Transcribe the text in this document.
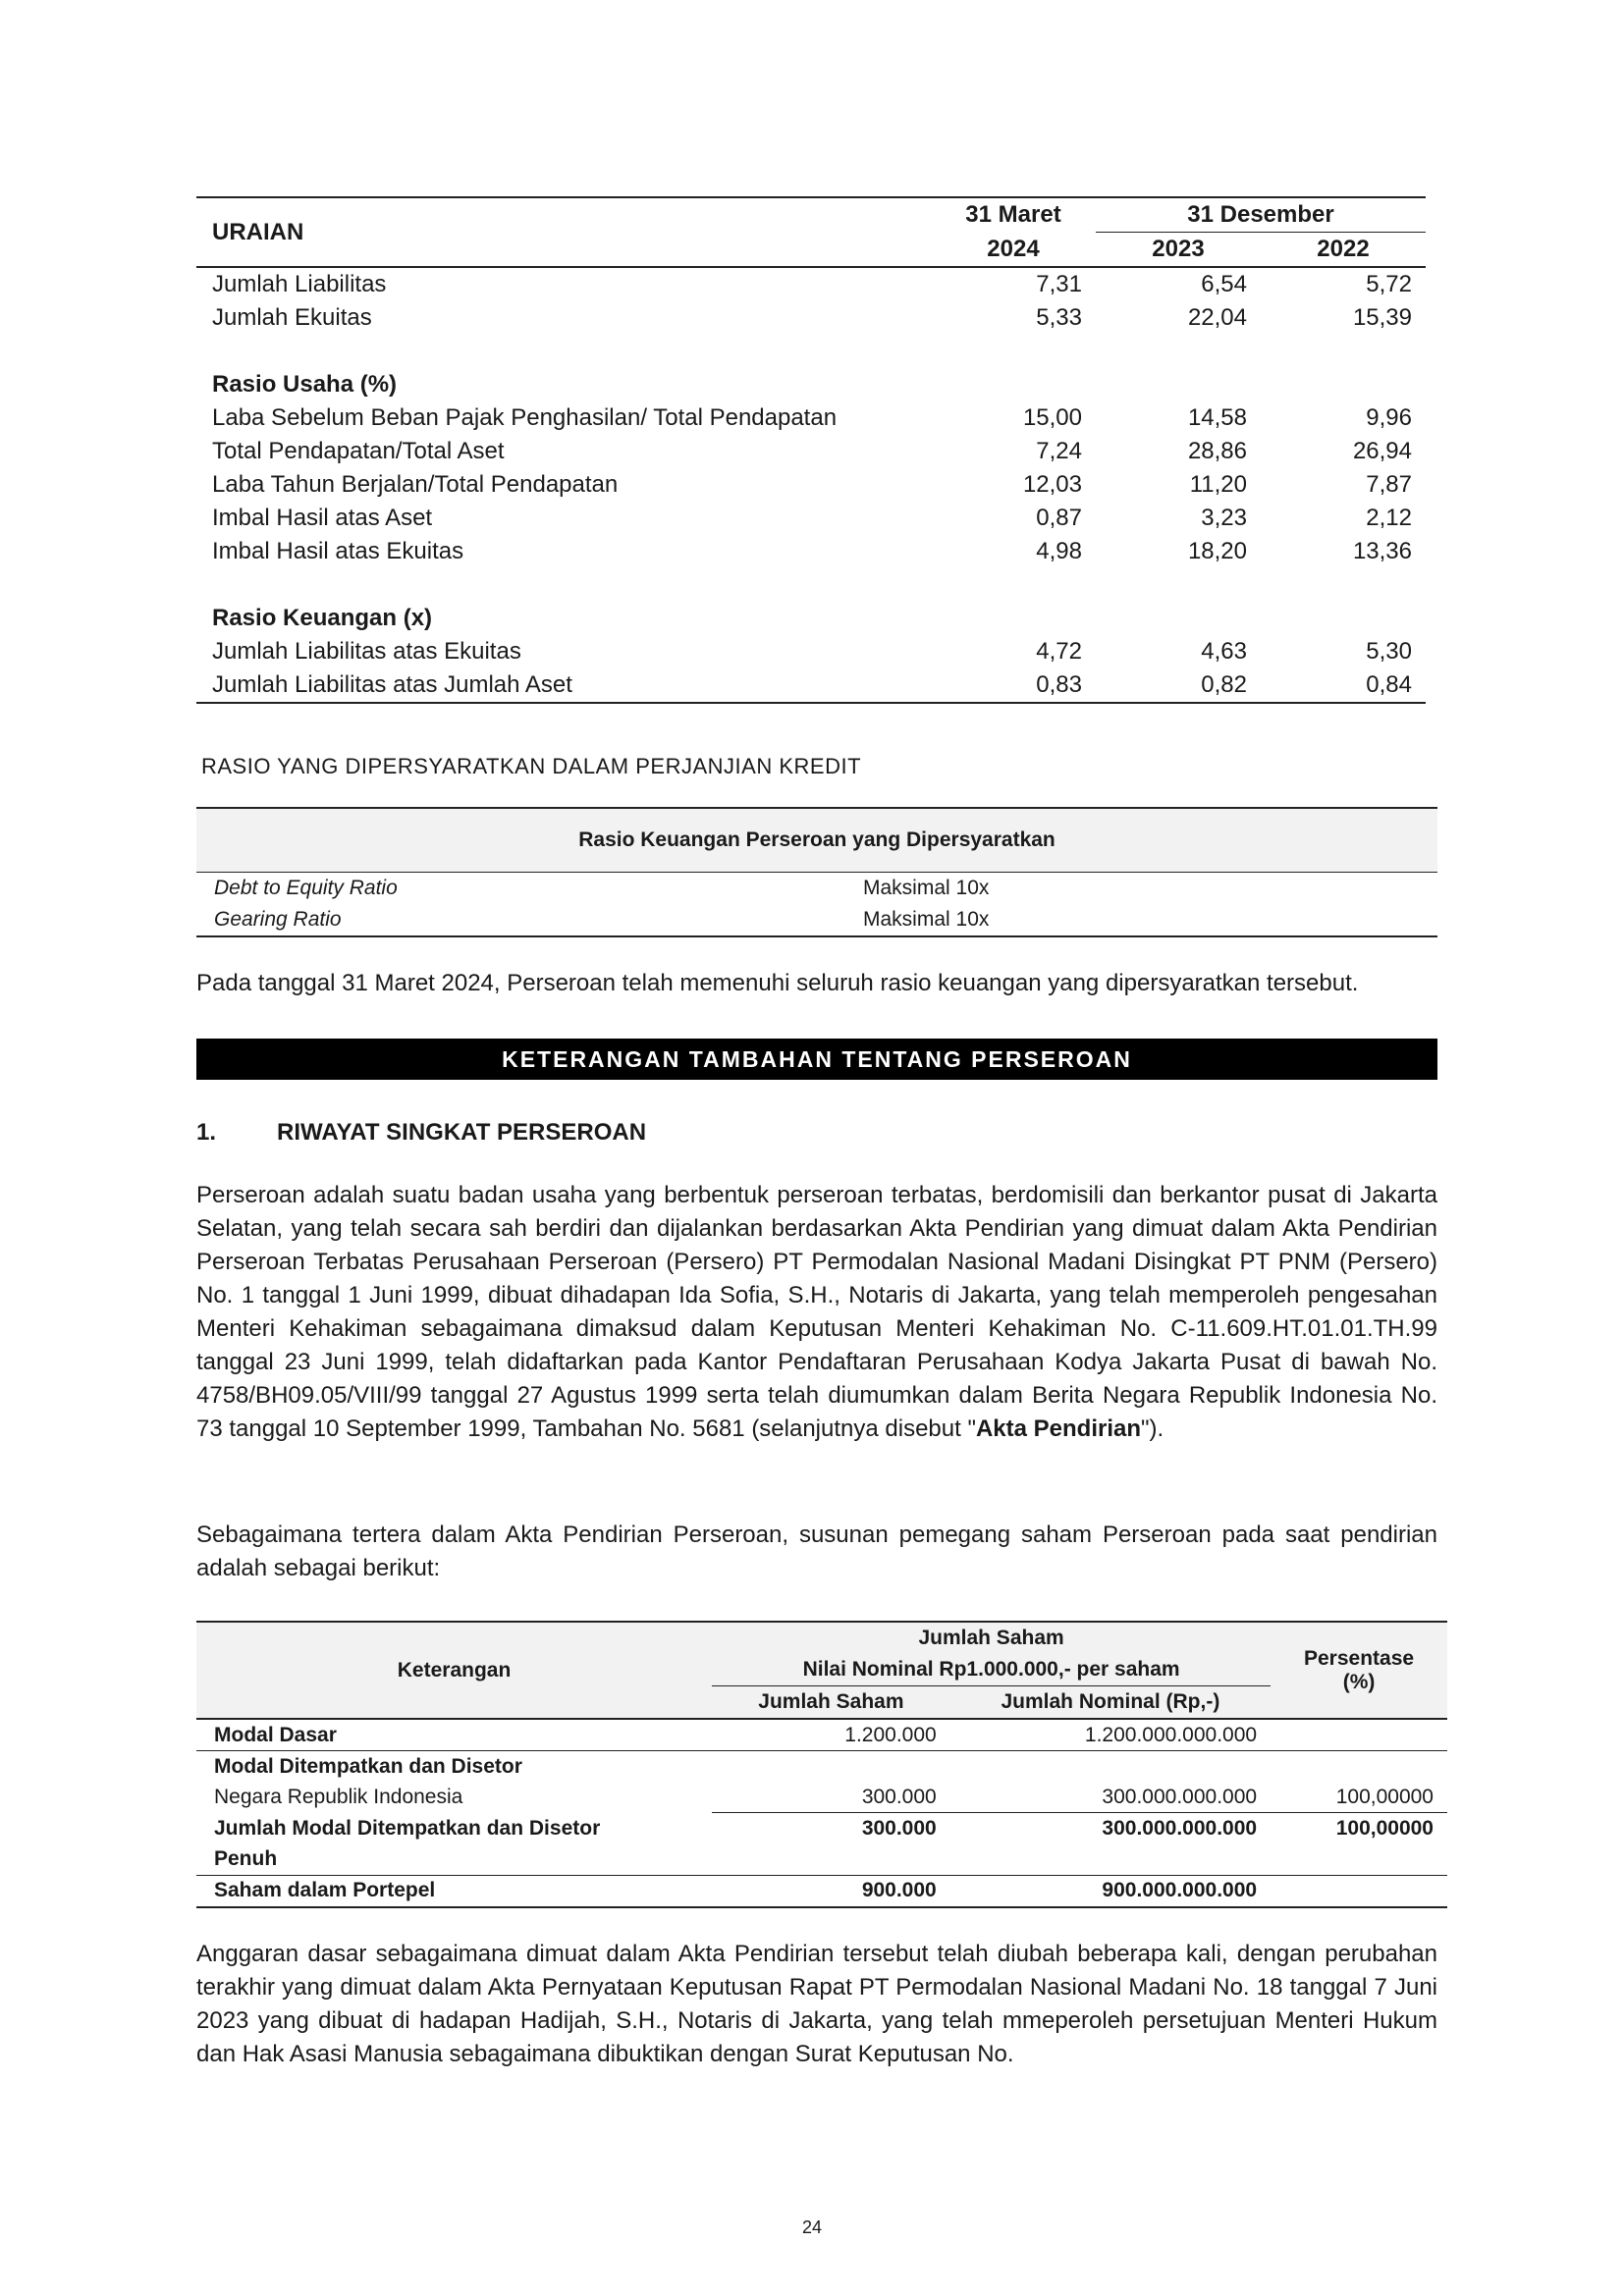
URAIAN	31 Maret	31 Desember	
	2024	2023	2022
Jumlah Liabilitas	7,31	6,54	5,72
Jumlah Ekuitas	5,33	22,04	15,39

Rasio Usaha (%)			
Laba Sebelum Beban Pajak Penghasilan/ Total Pendapatan	15,00	14,58	9,96
Total Pendapatan/Total Aset	7,24	28,86	26,94
Laba Tahun Berjalan/Total Pendapatan	12,03	11,20	7,87
Imbal Hasil atas Aset	0,87	3,23	2,12
Imbal Hasil atas Ekuitas	4,98	18,20	13,36

Rasio Keuangan (x)			
Jumlah Liabilitas atas Ekuitas	4,72	4,63	5,30
Jumlah Liabilitas atas Jumlah Aset	0,83	0,82	0,84
RASIO YANG DIPERSYARATKAN DALAM PERJANJIAN KREDIT
Rasio Keuangan Perseroan yang Dipersyaratkan	
Debt to Equity Ratio	Maksimal 10x
Gearing Ratio	Maksimal 10x
Pada tanggal 31 Maret 2024, Perseroan telah memenuhi seluruh rasio keuangan yang dipersyaratkan tersebut.
KETERANGAN TAMBAHAN TENTANG PERSEROAN
1.	RIWAYAT SINGKAT PERSEROAN
Perseroan adalah suatu badan usaha yang berbentuk perseroan terbatas, berdomisili dan berkantor pusat di Jakarta Selatan, yang telah secara sah berdiri dan dijalankan berdasarkan Akta Pendirian yang dimuat dalam Akta Pendirian Perseroan Terbatas Perusahaan Perseroan (Persero) PT Permodalan Nasional Madani Disingkat PT PNM (Persero) No. 1 tanggal 1 Juni 1999, dibuat dihadapan Ida Sofia, S.H., Notaris di Jakarta, yang telah memperoleh pengesahan Menteri Kehakiman sebagaimana dimaksud dalam Keputusan Menteri Kehakiman No. C-11.609.HT.01.01.TH.99 tanggal 23 Juni 1999, telah didaftarkan pada Kantor Pendaftaran Perusahaan Kodya Jakarta Pusat di bawah No. 4758/BH09.05/VIII/99 tanggal 27 Agustus 1999 serta telah diumumkan dalam Berita Negara Republik Indonesia No. 73 tanggal 10 September 1999, Tambahan No. 5681 (selanjutnya disebut "Akta Pendirian").
Sebagaimana tertera dalam Akta Pendirian Perseroan, susunan pemegang saham Perseroan pada saat pendirian adalah sebagai berikut:
Keterangan	Jumlah Saham		Persentase
(%)
	Nilai Nominal Rp1.000.000,- per saham		
	Jumlah Saham	Jumlah Nominal (Rp,-)	
Modal Dasar	1.200.000	1.200.000.000.000	
Modal Ditempatkan dan Disetor			
Negara Republik Indonesia	300.000	300.000.000.000	100,00000
Jumlah Modal Ditempatkan dan Disetor	300.000	300.000.000.000	100,00000
Penuh			
Saham dalam Portepel	900.000	900.000.000.000	
Anggaran dasar sebagaimana dimuat dalam Akta Pendirian tersebut telah diubah beberapa kali, dengan perubahan terakhir yang dimuat dalam Akta Pernyataan Keputusan Rapat PT Permodalan Nasional Madani No. 18 tanggal 7 Juni 2023 yang dibuat di hadapan Hadijah, S.H., Notaris di Jakarta, yang telah mmeperoleh persetujuan Menteri Hukum dan Hak Asasi Manusia sebagaimana dibuktikan dengan Surat Keputusan No.
24
